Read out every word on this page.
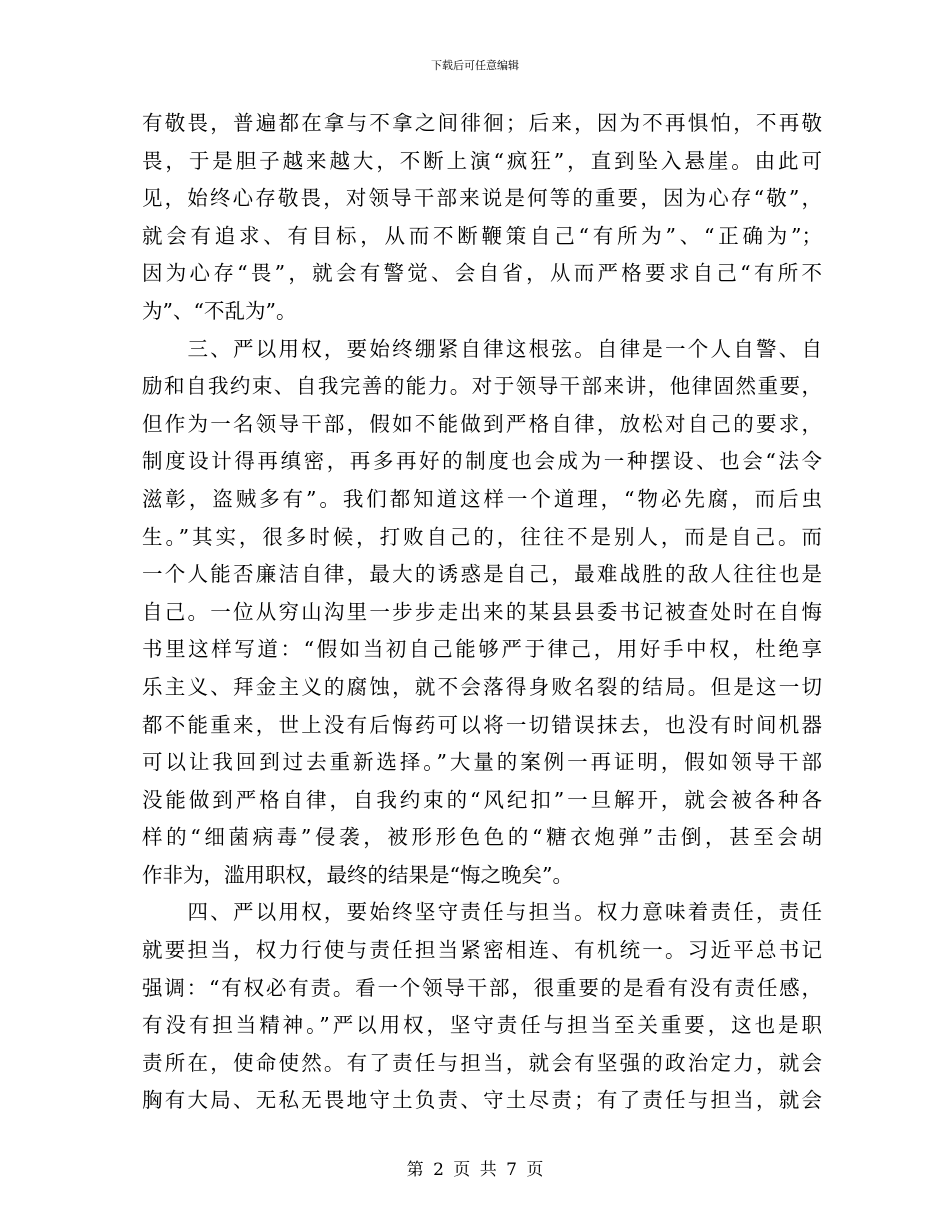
下载后可任意编辑
有敬畏，普遍都在拿与不拿之间徘徊；后来，因为不再惧怕，不再敬
畏，于是胆子越来越大，不断上演“疯狂”，直到坠入悬崖。由此可
见，始终心存敬畏，对领导干部来说是何等的重要，因为心存“敬”，
就会有追求、有目标，从而不断鞭策自己“有所为”、“正确为”；
因为心存“畏”，就会有警觉、会自省，从而严格要求自己“有所不
为”、“不乱为”。
　　三、严以用权，要始终绷紧自律这根弦。自律是一个人自警、自
励和自我约束、自我完善的能力。对于领导干部来讲，他律固然重要，
但作为一名领导干部，假如不能做到严格自律，放松对自己的要求，
制度设计得再缜密，再多再好的制度也会成为一种摆设、也会“法令
滋彰，盗贼多有”。我们都知道这样一个道理，“物必先腐，而后虫
生。”其实，很多时候，打败自己的，往往不是别人，而是自己。而
一个人能否廉洁自律，最大的诱惑是自己，最难战胜的敌人往往也是
自己。一位从穷山沟里一步步走出来的某县县委书记被查处时在自悔
书里这样写道：“假如当初自己能够严于律己，用好手中权，杜绝享
乐主义、拜金主义的腐蚀，就不会落得身败名裂的结局。但是这一切
都不能重来，世上没有后悔药可以将一切错误抹去，也没有时间机器
可以让我回到过去重新选择。”大量的案例一再证明，假如领导干部
没能做到严格自律，自我约束的“风纪扣”一旦解开，就会被各种各
样的“细菌病毒”侵袭，被形形色色的“糖衣炮弹”击倒，甚至会胡
作非为，滥用职权，最终的结果是“悔之晚矣”。
　　四、严以用权，要始终坚守责任与担当。权力意味着责任，责任
就要担当，权力行使与责任担当紧密相连、有机统一。习近平总书记
强调：“有权必有责。看一个领导干部，很重要的是看有没有责任感，
有没有担当精神。”严以用权，坚守责任与担当至关重要，这也是职
责所在，使命使然。有了责任与担当，就会有坚强的政治定力，就会
胸有大局、无私无畏地守土负责、守土尽责；有了责任与担当，就会
第 2 页 共 7 页
